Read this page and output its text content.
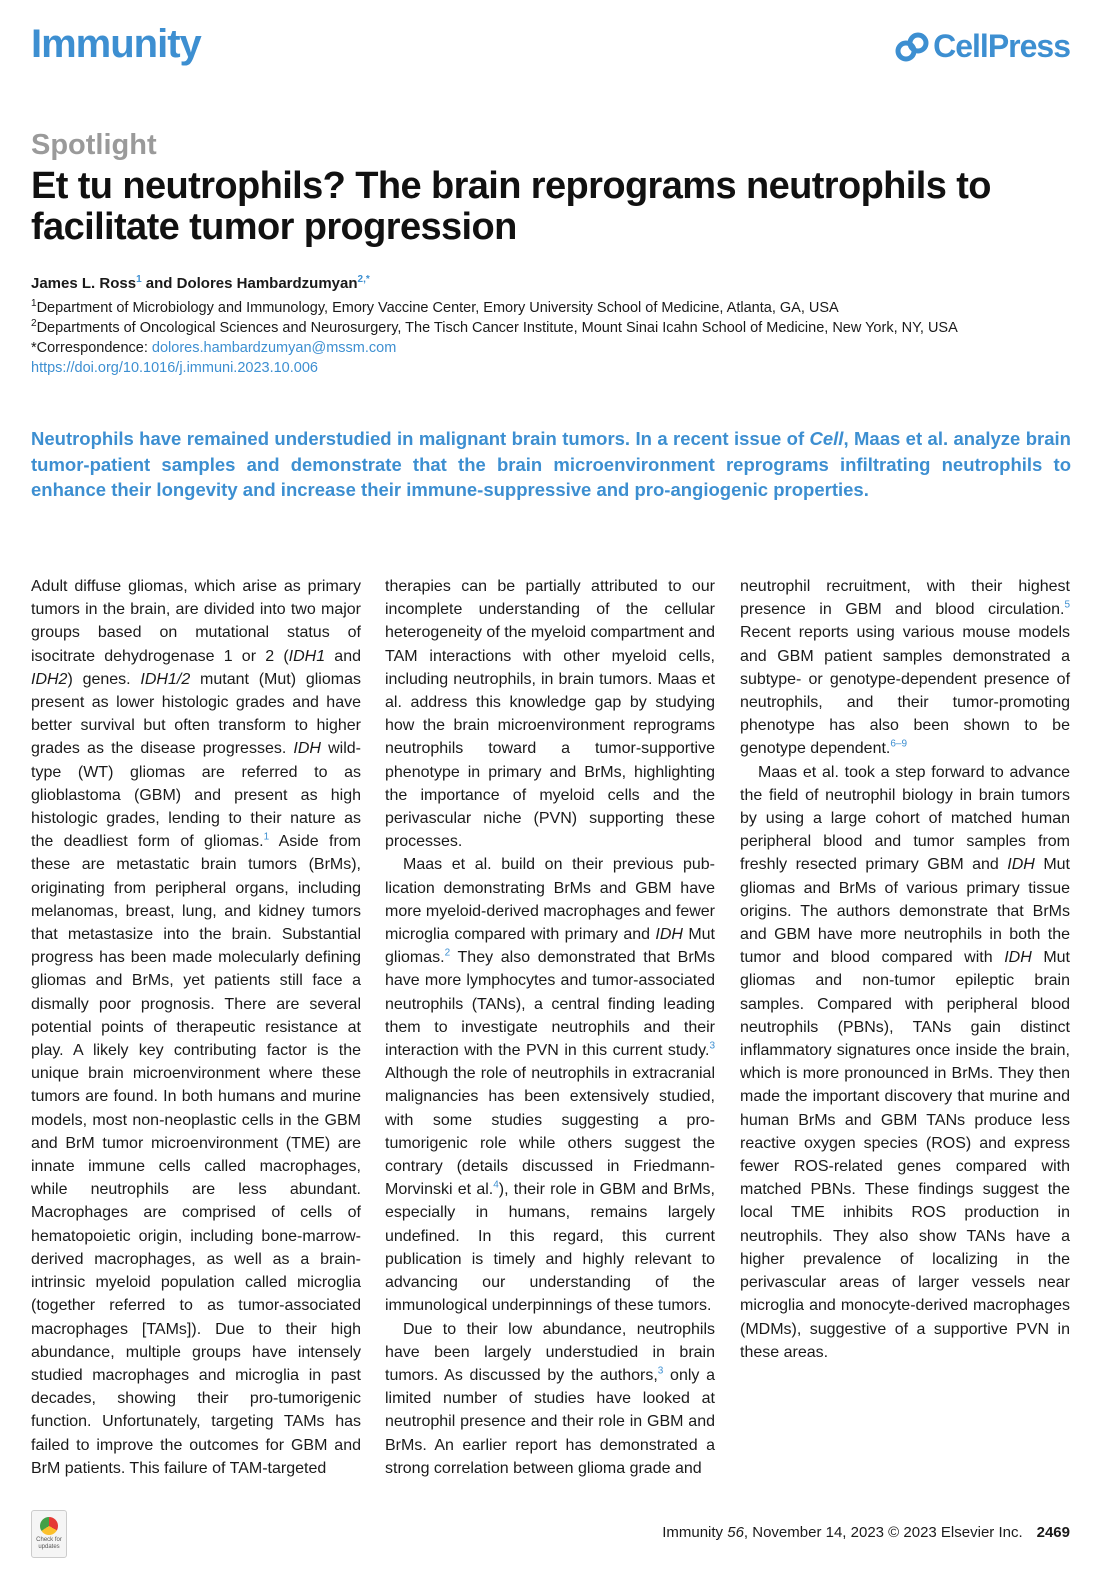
Immunity	CellPress
Spotlight
Et tu neutrophils? The brain reprograms neutrophils to facilitate tumor progression
James L. Ross$^1$ and Dolores Hambardzumyan$^{2,*}$
$^1$Department of Microbiology and Immunology, Emory Vaccine Center, Emory University School of Medicine, Atlanta, GA, USA
$^2$Departments of Oncological Sciences and Neurosurgery, The Tisch Cancer Institute, Mount Sinai Icahn School of Medicine, New York, NY, USA
*Correspondence: dolores.hambardzumyan@mssm.com
https://doi.org/10.1016/j.immuni.2023.10.006
Neutrophils have remained understudied in malignant brain tumors. In a recent issue of Cell, Maas et al. analyze brain tumor-patient samples and demonstrate that the brain microenvironment reprograms infiltrating neutrophils to enhance their longevity and increase their immune-suppressive and pro-angiogenic properties.

Adult diffuse gliomas, which arise as primary tumors in the brain, are divided into two major groups based on mutational status of isocitrate dehydrogenase 1 or 2 (IDH1 and IDH2) genes. IDH1/2 mutant (Mut) gliomas present as lower histologic grades and have better survival but often transform to higher grades as the disease progresses. IDH wild-type (WT) gliomas are referred to as glioblastoma (GBM) and present as high histologic grades, lending to their nature as the deadliest form of gliomas.$^1$ Aside from these are metastatic brain tumors (BrMs), originating from peripheral organs, including melanomas, breast, lung, and kidney tumors that metastasize into the brain. Substantial progress has been made molecularly defining gliomas and BrMs, yet patients still face a dismally poor prognosis. There are several potential points of therapeutic resistance at play. A likely key contributing factor is the unique brain microenvironment where these tumors are found. In both humans and murine models, most non-neoplastic cells in the GBM and BrM tumor microenvironment (TME) are innate immune cells called macrophages, while neutrophils are less abundant. Macrophages are comprised of cells of hematopoietic origin, including bone-marrow-derived macrophages, as well as a brain-intrinsic myeloid population called microglia (together referred to as tumor-associated macrophages [TAMs]). Due to their high abundance, multiple groups have intensely studied macrophages and microglia in past decades, showing their pro-tumorigenic function. Unfortunately, targeting TAMs has failed to improve the outcomes for GBM and BrM patients. This failure of TAM-targeted

therapies can be partially attributed to our incomplete understanding of the cellular heterogeneity of the myeloid compartment and TAM interactions with other myeloid cells, including neutrophils, in brain tumors. Maas et al. address this knowledge gap by studying how the brain microenvironment reprograms neutrophils toward a tumor-supportive phenotype in primary and BrMs, highlighting the importance of myeloid cells and the perivascular niche (PVN) supporting these processes.

Maas et al. build on their previous publication demonstrating BrMs and GBM have more myeloid-derived macrophages and fewer microglia compared with primary and IDH Mut gliomas.$^2$ They also demonstrated that BrMs have more lymphocytes and tumor-associated neutrophils (TANs), a central finding leading them to investigate neutrophils and their interaction with the PVN in this current study.$^3$ Although the role of neutrophils in extracranial malignancies has been extensively studied, with some studies suggesting a pro-tumorigenic role while others suggest the contrary (details discussed in Friedmann-Morvinski et al.$^4$), their role in GBM and BrMs, especially in humans, remains largely undefined. In this regard, this current publication is timely and highly relevant to advancing our understanding of the immunological underpinnings of these tumors.

Due to their low abundance, neutrophils have been largely understudied in brain tumors. As discussed by the authors,$^3$ only a limited number of studies have looked at neutrophil presence and their role in GBM and BrMs. An earlier report has demonstrated a strong correlation between glioma grade and

neutrophil recruitment, with their highest presence in GBM and blood circulation.$^5$ Recent reports using various mouse models and GBM patient samples demonstrated a subtype- or genotype-dependent presence of neutrophils, and their tumor-promoting phenotype has also been shown to be genotype dependent.$^{6-9}$

Maas et al. took a step forward to advance the field of neutrophil biology in brain tumors by using a large cohort of matched human peripheral blood and tumor samples from freshly resected primary GBM and IDH Mut gliomas and BrMs of various primary tissue origins. The authors demonstrate that BrMs and GBM have more neutrophils in both the tumor and blood compared with IDH Mut gliomas and non-tumor epileptic brain samples. Compared with peripheral blood neutrophils (PBNs), TANs gain distinct inflammatory signatures once inside the brain, which is more pronounced in BrMs. They then made the important discovery that murine and human BrMs and GBM TANs produce less reactive oxygen species (ROS) and express fewer ROS-related genes compared with matched PBNs. These findings suggest the local TME inhibits ROS production in neutrophils. They also show TANs have a higher prevalence of localizing in the perivascular areas of larger vessels near microglia and monocyte-derived macrophages (MDMs), suggestive of a supportive PVN in these areas.

Check for updates
Immunity 56, November 14, 2023 © 2023 Elsevier Inc. 2469
